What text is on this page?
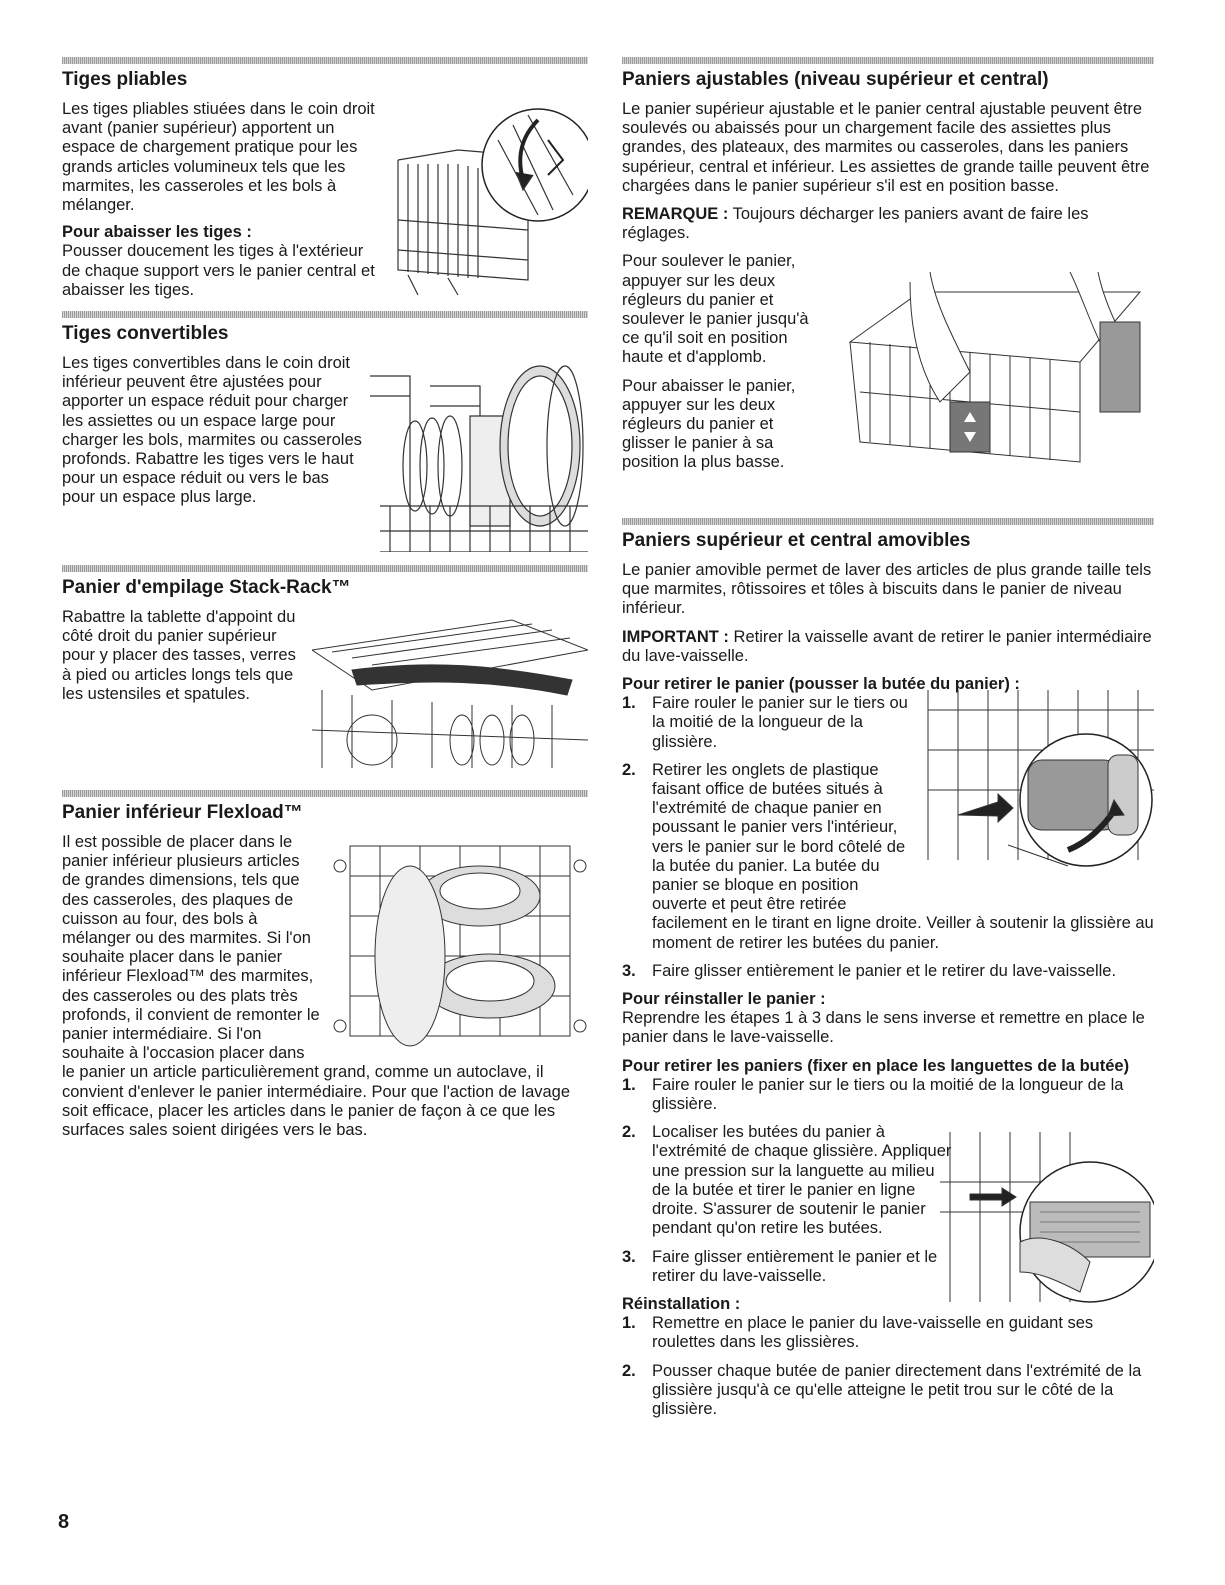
Tiges pliables

Les tiges pliables stiuées dans le coin droit avant (panier supérieur) apportent un espace de chargement pratique pour les grands articles volumineux tels que les marmites, les casseroles et les bols à mélanger.

Pour abaisser les tiges :

Pousser doucement les tiges à l'extérieur de chaque support vers le panier central et abaisser les tiges.

Tiges convertibles

Les tiges convertibles dans le coin droit inférieur peuvent être ajustées pour apporter un espace réduit pour charger les assiettes ou un espace large pour charger les bols, marmites ou casseroles profonds. Rabattre les tiges vers le haut pour un espace réduit ou vers le bas pour un espace plus large.

Panier d'empilage Stack-Rack™

Rabattre la tablette d'appoint du côté droit du panier supérieur pour y placer des tasses, verres à pied ou articles longs tels que les ustensiles et spatules.

Panier inférieur Flexload™

Il est possible de placer dans le panier inférieur plusieurs articles de grandes dimensions, tels que des casseroles, des plaques de cuisson au four, des bols à mélanger ou des marmites. Si l'on souhaite placer dans le panier inférieur Flexload™ des marmites, des casseroles ou des plats très profonds, il convient de remonter le panier intermédiaire. Si l'on souhaite à l'occasion placer dans le panier un article particulièrement grand, comme un autoclave, il convient d'enlever le panier intermédiaire. Pour que l'action de lavage soit efficace, placer les articles dans le panier de façon à ce que les surfaces sales soient dirigées vers le bas.

Paniers ajustables (niveau supérieur et central)

Le panier supérieur ajustable et le panier central ajustable peuvent être soulevés ou abaissés pour un chargement facile des assiettes plus grandes, des plateaux, des marmites ou casseroles, dans les paniers supérieur, central et inférieur. Les assiettes de grande taille peuvent être chargées dans le panier supérieur s'il est en position basse.

REMARQUE : Toujours décharger les paniers avant de faire les réglages.

Pour soulever le panier, appuyer sur les deux régleurs du panier et soulever le panier jusqu'à ce qu'il soit en position haute et d'applomb.

Pour abaisser le panier, appuyer sur les deux régleurs du panier et glisser le panier à sa position la plus basse.

Paniers supérieur et central amovibles

Le panier amovible permet de laver des articles de plus grande taille tels que marmites, rôtissoires et tôles à biscuits dans le panier de niveau inférieur.

IMPORTANT : Retirer la vaisselle avant de retirer le panier intermédiaire du lave-vaisselle.

Pour retirer le panier (pousser la butée du panier) :

1. Faire rouler le panier sur le tiers ou la moitié de la longueur de la glissière.
2. Retirer les onglets de plastique faisant office de butées situés à l'extrémité de chaque panier en poussant le panier vers l'intérieur, vers le panier sur le bord côtelé de la butée du panier. La butée du panier se bloque en position ouverte et peut être retirée facilement en le tirant en ligne droite. Veiller à soutenir la glissière au moment de retirer les butées du panier.
3. Faire glisser entièrement le panier et le retirer du lave-vaisselle.

Pour réinstaller le panier :

Reprendre les étapes 1 à 3 dans le sens inverse et remettre en place le panier dans le lave-vaisselle.

Pour retirer les paniers (fixer en place les languettes de la butée)

1. Faire rouler le panier sur le tiers ou la moitié de la longueur de la glissière.
2. Localiser les butées du panier à l'extrémité de chaque glissière. Appliquer une pression sur la languette au milieu de la butée et tirer le panier en ligne droite. S'assurer de soutenir le panier pendant qu'on retire les butées.
3. Faire glisser entièrement le panier et le retirer du lave-vaisselle.

Réinstallation :

1. Remettre en place le panier du lave-vaisselle en guidant ses roulettes dans les glissières.
2. Pousser chaque butée de panier directement dans l'extrémité de la glissière jusqu'à ce qu'elle atteigne le petit trou sur le côté de la glissière.
8
